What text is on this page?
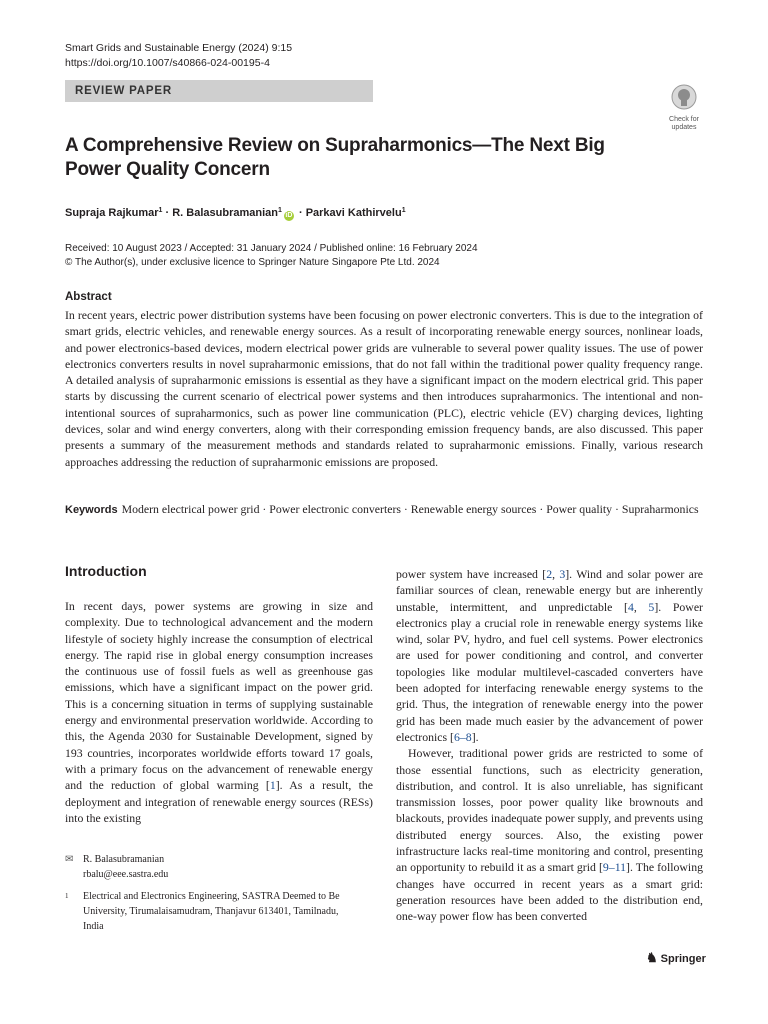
Smart Grids and Sustainable Energy (2024) 9:15
https://doi.org/10.1007/s40866-024-00195-4
REVIEW PAPER
Check for updates
A Comprehensive Review on Supraharmonics—The Next Big Power Quality Concern
Supraja Rajkumar$^1$ · R. Balasubramanian$^1$iD · Parkavi Kathirvelu$^1$
Received: 10 August 2023 / Accepted: 31 January 2024 / Published online: 16 February 2024
© The Author(s), under exclusive licence to Springer Nature Singapore Pte Ltd. 2024
Abstract
In recent years, electric power distribution systems have been focusing on power electronic converters. This is due to the integration of smart grids, electric vehicles, and renewable energy sources. As a result of incorporating renewable energy sources, nonlinear loads, and power electronics-based devices, modern electrical power grids are vulnerable to several power quality issues. The use of power electronics converters results in novel supraharmonic emissions, that do not fall within the traditional power quality frequency range. A detailed analysis of supraharmonic emissions is essential as they have a significant impact on the modern electrical grid. This paper starts by discussing the current scenario of electrical power systems and then introduces supraharmonics. The intentional and non-intentional sources of supraharmonics, such as power line communication (PLC), electric vehicle (EV) charging devices, lighting devices, solar and wind energy converters, along with their corresponding emission frequency bands, are also discussed. This paper presents a summary of the measurement methods and standards related to supraharmonic emissions. Finally, various research approaches addressing the reduction of supraharmonic emissions are proposed.
Keywords Modern electrical power grid · Power electronic converters · Renewable energy sources · Power quality · Supraharmonics
Introduction

In recent days, power systems are growing in size and complexity. Due to technological advancement and the modern lifestyle of society highly increase the consumption of electrical energy. The rapid rise in global energy consumption increases the continuous use of fossil fuels as well as greenhouse gas emissions, which have a significant impact on the power grid. This is a concerning situation in terms of supplying sustainable energy and environmental preservation worldwide. According to this, the Agenda 2030 for Sustainable Development, signed by 193 countries, incorporates worldwide efforts toward 17 goals, with a primary focus on the advancement of renewable energy and the reduction of global warming [1]. As a result, the deployment and integration of renewable energy sources (RESs) into the existing

power system have increased [2, 3]. Wind and solar power are familiar sources of clean, renewable energy but are inherently unstable, intermittent, and unpredictable [4, 5]. Power electronics play a crucial role in renewable energy systems like wind, solar PV, hydro, and fuel cell systems. Power electronics are used for power conditioning and control, and converter topologies like modular multilevel-cascaded converters have been adopted for interfacing renewable energy systems to the grid. Thus, the integration of renewable energy into the power grid has been made much easier by the advancement of power electronics [6–8].

However, traditional power grids are restricted to some of those essential functions, such as electricity generation, distribution, and control. It is also unreliable, has significant transmission losses, poor power quality like brownouts and blackouts, provides inadequate power supply, and prevents using distributed energy sources. Also, the existing power infrastructure lacks real-time monitoring and control, presenting an opportunity to rebuild it as a smart grid [9–11]. The following changes have occurred in recent years as a smart grid: generation resources have been added to the distribution end, one-way power flow has been converted

✉ R. Balasubramanian
rbalu@eee.sastra.edu
1 Electrical and Electronics Engineering, SASTRA Deemed to Be University, Tirumalaisamudram, Thanjavur 613401, Tamilnadu, India
♞ Springer
